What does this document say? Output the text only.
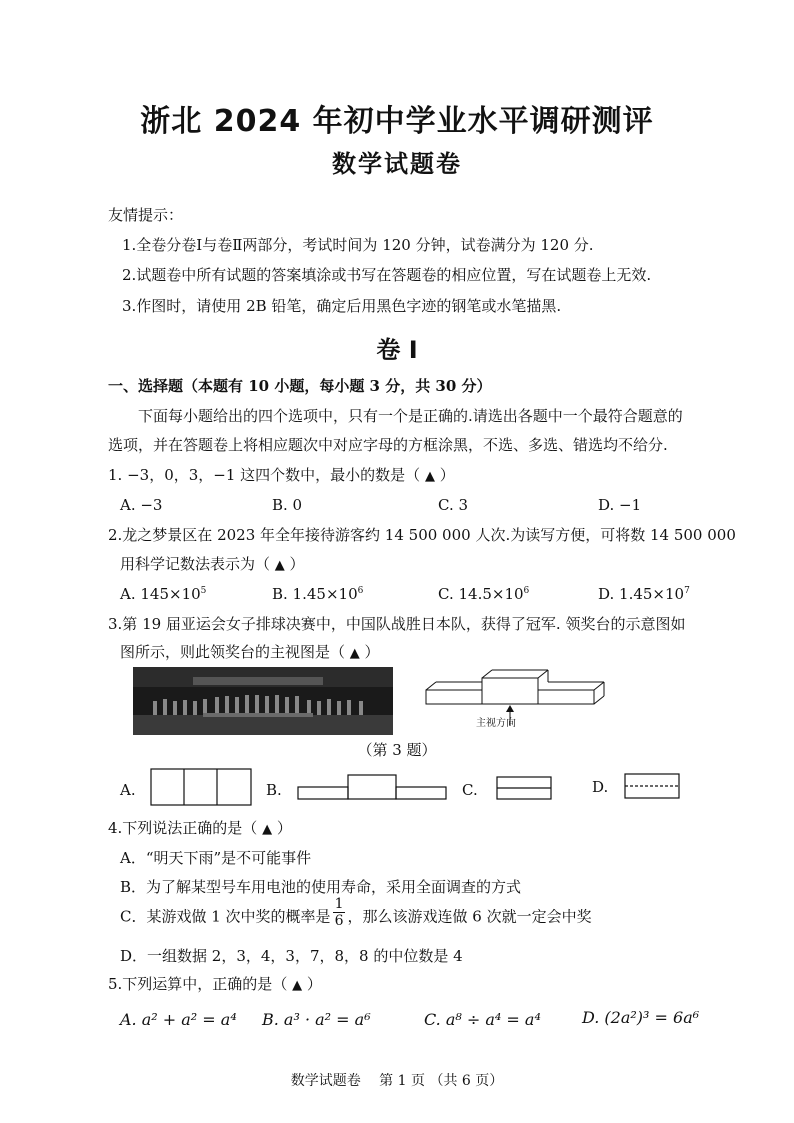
浙北 2024 年初中学业水平调研测评
数学试题卷
友情提示：
1.全卷分卷Ⅰ与卷Ⅱ两部分，考试时间为 120 分钟，试卷满分为 120 分.
2.试题卷中所有试题的答案填涂或书写在答题卷的相应位置，写在试题卷上无效.
3.作图时，请使用 2B 铅笔，确定后用黑色字迹的钢笔或水笔描黑.
卷 I
一、选择题（本题有 10 小题，每小题 3 分，共 30 分）
下面每小题给出的四个选项中，只有一个是正确的.请选出各题中一个最符合题意的
选项，并在答题卷上将相应题次中对应字母的方框涂黑，不选、多选、错选均不给分.
1. −3，0，3，−1 这四个数中，最小的数是（ ▲ ）
A. −3	B. 0	C. 3	D. −1
2.龙之梦景区在 2023 年全年接待游客约 14 500 000 人次.为读写方便，可将数 14 500 000
用科学记数法表示为（ ▲ ）
A. $145\times 10^5$	B. $1.45\times 10^6$	C. $14.5\times 10^6$	D. $1.45\times 10^7$
3.第 19 届亚运会女子排球决赛中，中国队战胜日本队，获得了冠军. 领奖台的示意图如
图所示，则此领奖台的主视图是（ ▲ ）
主视方向
（第 3 题）
A.	B.	C.	D.
4.下列说法正确的是（ ▲ ）
A．“明天下雨”是不可能事件
B．为了解某型号车用电池的使用寿命，采用全面调查的方式
C．某游戏做 1 次中奖的概率是 $\frac{1}{6}$ ，那么该游戏连做 6 次就一定会中奖
D．一组数据 2，3，4，3，7，8，8 的中位数是 4
5.下列运算中，正确的是（ ▲ ）
A. a² + a² = a⁴ B. a³ · a² = a⁶	C. a⁸ ÷ a⁴ = a⁴	D. (2a²)³ = 6a⁶
数学试题卷　 第 1 页 （共 6 页）
